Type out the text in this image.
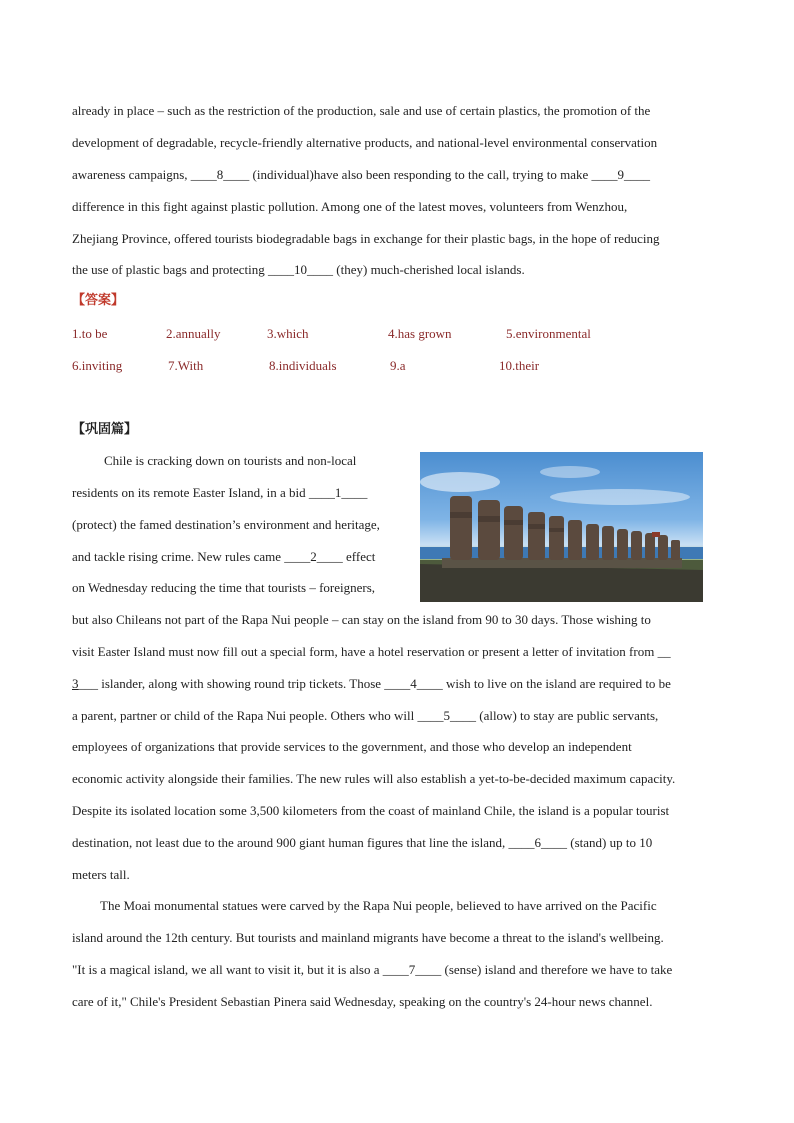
already in place – such as the restriction of the production, sale and use of certain plastics, the promotion of the
development of degradable, recycle-friendly alternative products, and national-level environmental conservation
awareness campaigns, ____8____ (individual)have also been responding to the call, trying to make ____9____
difference in this fight against plastic pollution. Among one of the latest moves, volunteers from Wenzhou,
Zhejiang Province, offered tourists biodegradable bags in exchange for their plastic bags, in the hope of reducing
the use of plastic bags and protecting ____10____ (they) much-cherished local islands.
【答案】
1.to be	2.annually	3.which	4.has grown	5.environmental
6.inviting	7.With	8.individuals	9.a	10.their
【巩固篇】
Chile is cracking down on tourists and non-local
residents on its remote Easter Island, in a bid ____1____
(protect) the famed destination’s environment and heritage,
and tackle rising crime. New rules came ____2____ effect
on Wednesday reducing the time that tourists – foreigners,
but also Chileans not part of the Rapa Nui people – can stay on the island from 90 to 30 days. Those wishing to
visit Easter Island must now fill out a special form, have a hotel reservation or present a letter of invitation from __
3___ islander, along with showing round trip tickets. Those ____4____ wish to live on the island are required to be
a parent, partner or child of the Rapa Nui people. Others who will ____5____ (allow) to stay are public servants,
employees of organizations that provide services to the government, and those who develop an independent
economic activity alongside their families. The new rules will also establish a yet-to-be-decided maximum capacity.
Despite its isolated location some 3,500 kilometers from the coast of mainland Chile, the island is a popular tourist
destination, not least due to the around 900 giant human figures that line the island, ____6____ (stand) up to 10
meters tall.
The Moai monumental statues were carved by the Rapa Nui people, believed to have arrived on the Pacific
island around the 12th century. But tourists and mainland migrants have become a threat to the island's wellbeing.
"It is a magical island, we all want to visit it, but it is also a ____7____ (sense) island and therefore we have to take
care of it," Chile's President Sebastian Pinera said Wednesday, speaking on the country's 24-hour news channel.
